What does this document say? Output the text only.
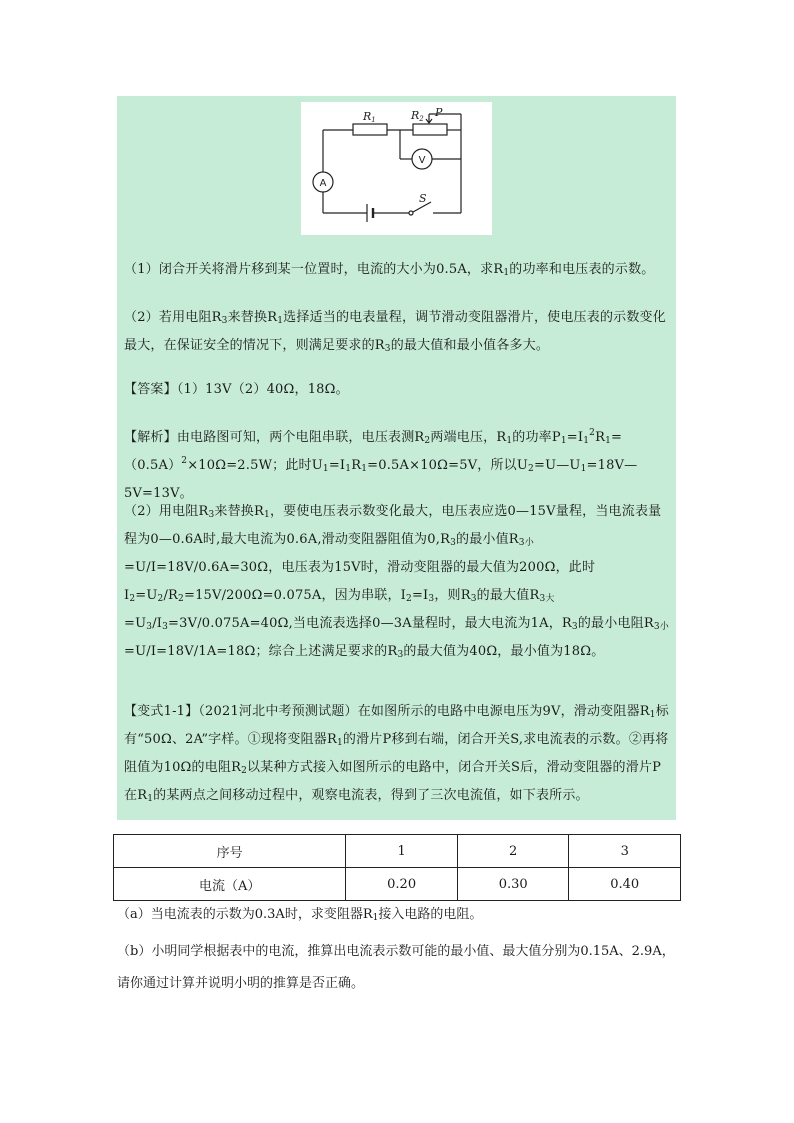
R1	R2 P
S
V
A
（1）闭合开关将滑片移到某一位置时，电流的大小为0.5A，求$R_1$的功率和电压表的示数。
（2）若用电阻$R_3$来替换$R_1$选择适当的电表量程，调节滑动变阻器滑片，使电压表的示数变化最大，在保证安全的情况下，则满足要求的$R_3$的最大值和最小值各多大。
【答案】（1）13V（2）40Ω，18Ω。
【解析】由电路图可知，两个电阻串联，电压表测$R_2$两端电压，$R_1$的功率$P_1=I_1^2R_1=(0.5A)^2\times 10\Omega=2.5W$；此时$U_1=I_1R_1=0.5A\times 10\Omega=5V$，所以$U_2=U—U_1=18V—5V=13V$。
（2）用电阻$R_3$来替换$R_1$，要使电压表示数变化最大，电压表应选0—15V量程，当电流表量程为0—0.6A时,最大电流为0.6A,滑动变阻器阻值为$0,R_3$的最小值$R_{3小}=U/I=18V/0.6A=30\Omega$，电压表为15V时，滑动变阻器的最大值为200Ω，此时$I_2=U_2/R_2=15V/200\Omega=0.075A$，因为串联，$I_2=I_3$，则$R_3$的最大值$R_{3大}=U_3/I_3=3V/0.075A=40\Omega$,当电流表选择0—3A量程时，最大电流为1A，$R_3$的最小电阻$R_{3小}=U/I=18V/1A=18\Omega$；综合上述满足要求的$R_3$的最大值为40Ω，最小值为18Ω。
【变式1-1】（2021河北中考预测试题）在如图所示的电路中电源电压为9V，滑动变阻器$R_1$标有“50Ω、2A”字样。①现将变阻器$R_1$的滑片P移到右端，闭合开关S,求电流表的示数。②再将阻值为10Ω的电阻$R_2$以某种方式接入如图所示的电路中，闭合开关S后，滑动变阻器的滑片P在$R_1$的某两点之间移动过程中，观察电流表，得到了三次电流值，如下表所示。
序号	1	2	3
电流（A）	0.20	0.30	0.40
（a）当电流表的示数为0.3A时，求变阻器$R_1$接入电路的电阻。
（b）小明同学根据表中的电流，推算出电流表示数可能的最小值、最大值分别为0.15A、2.9A，请你通过计算并说明小明的推算是否正确。
